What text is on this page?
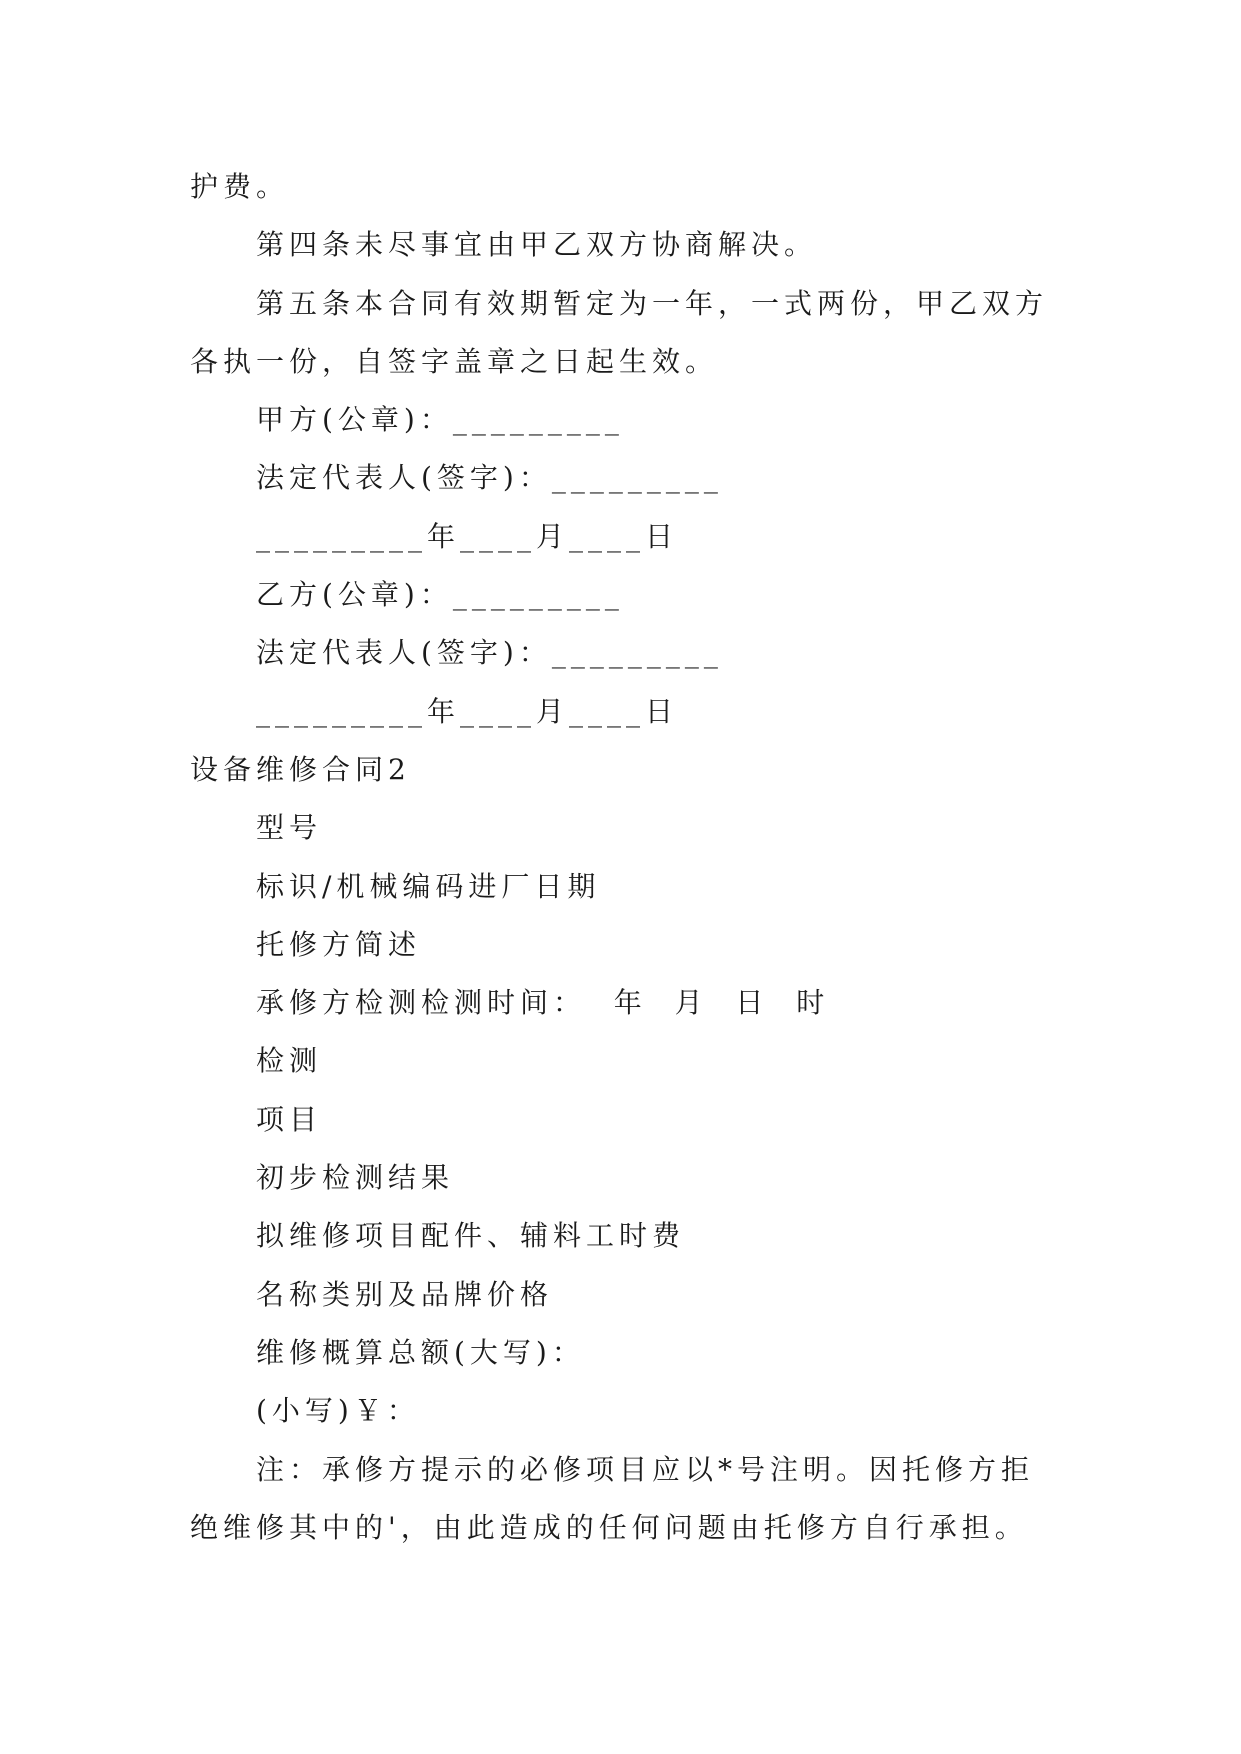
护费。
第四条未尽事宜由甲乙双方协商解决。
第五条本合同有效期暂定为一年，一式两份，甲乙双方
各执一份，自签字盖章之日起生效。
甲方(公章)：_________
法定代表人(签字)：_________
_________年____月____日
乙方(公章)：_________
法定代表人(签字)：_________
_________年____月____日
设备维修合同2
型号
标识/机械编码进厂日期
托修方简述
承修方检测检测时间：  年  月  日  时
检测
项目
初步检测结果
拟维修项目配件、辅料工时费
名称类别及品牌价格
维修概算总额(大写)：
(小写)￥：
注：承修方提示的必修项目应以*号注明。因托修方拒
绝维修其中的'，由此造成的任何问题由托修方自行承担。
